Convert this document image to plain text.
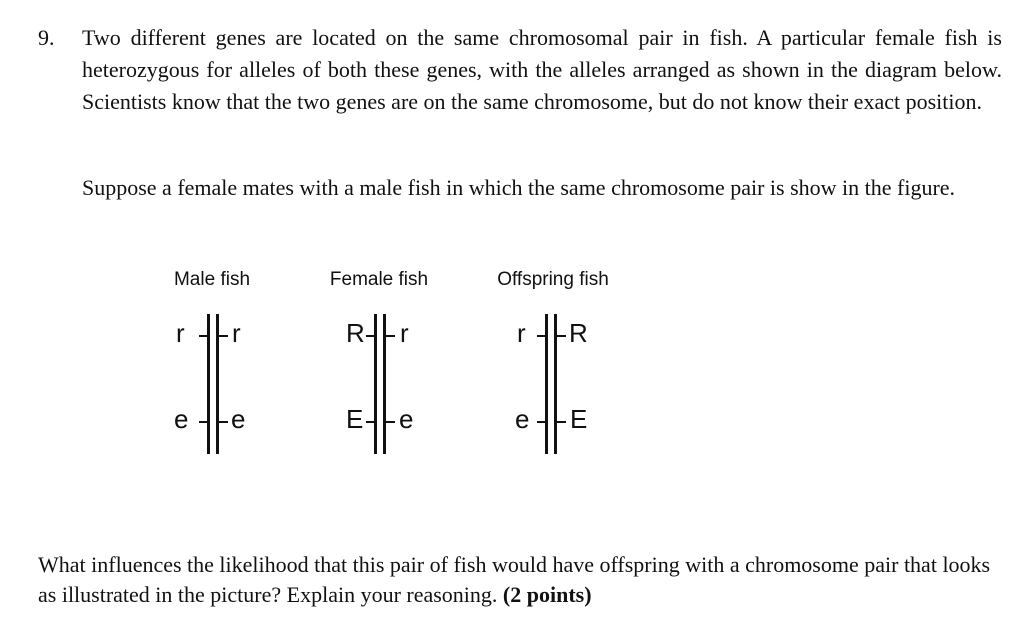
9. Two different genes are located on the same chromosomal pair in fish. A particular female fish is heterozygous for alleles of both these genes, with the alleles arranged as shown in the diagram below. Scientists know that the two genes are on the same chromosome, but do not know their exact position.

Suppose a female mates with a male fish in which the same chromosome pair is show in the figure.

Male fish	Female fish	Offspring fish
r r
e e
R r
E e
r R
e E

What influences the likelihood that this pair of fish would have offspring with a chromosome pair that looks as illustrated in the picture? Explain your reasoning. (2 points)
